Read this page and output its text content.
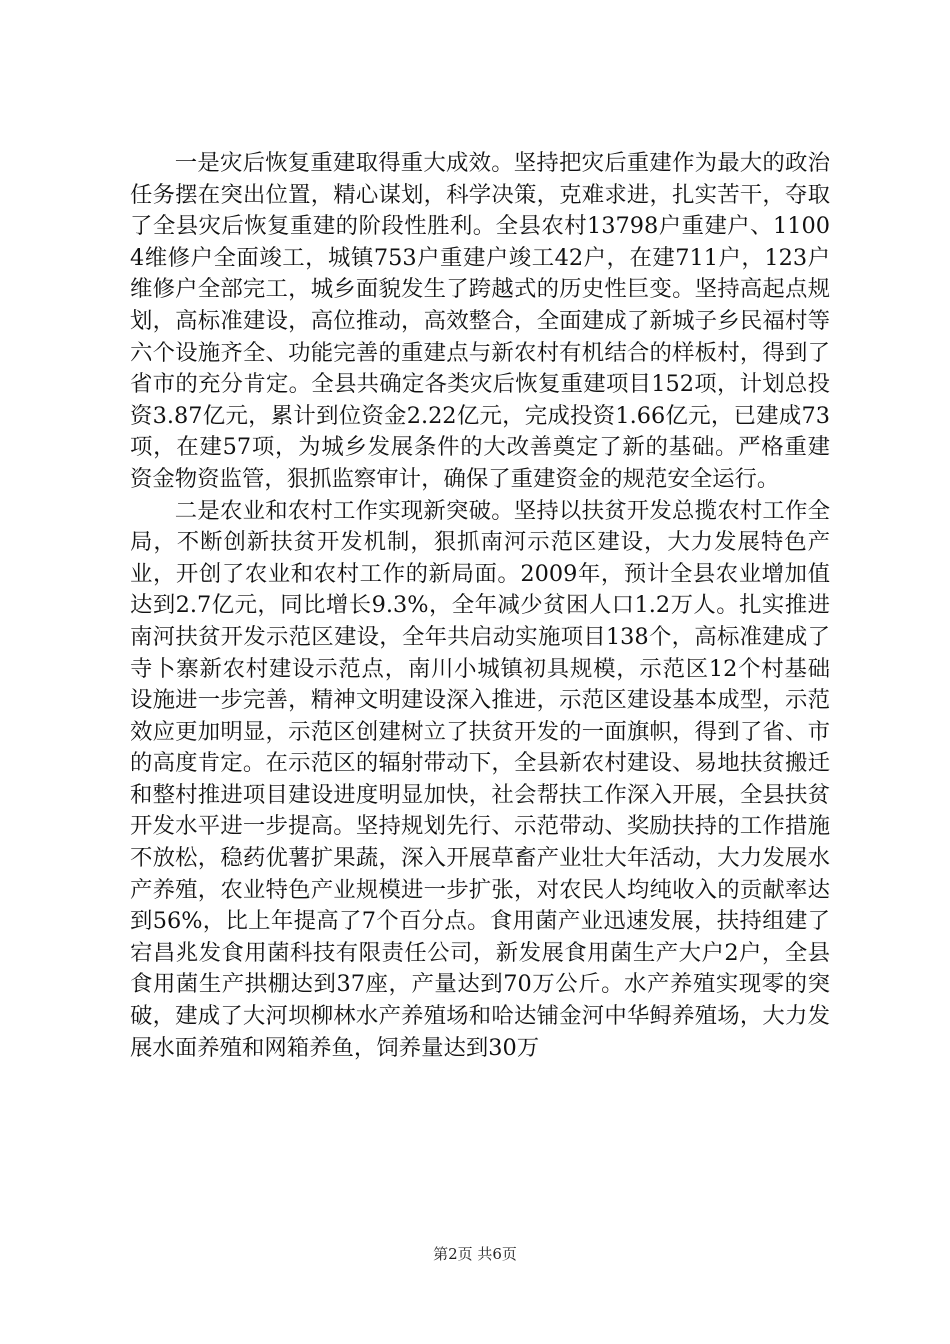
一是灾后恢复重建取得重大成效。坚持把灾后重建作为最大的政治任务摆在突出位置，精心谋划，科学决策，克难求进，扎实苦干，夺取了全县灾后恢复重建的阶段性胜利。全县农村13798户重建户、11004维修户全面竣工，城镇753户重建户竣工42户，在建711户，123户维修户全部完工，城乡面貌发生了跨越式的历史性巨变。坚持高起点规划，高标准建设，高位推动，高效整合，全面建成了新城子乡民福村等六个设施齐全、功能完善的重建点与新农村有机结合的样板村，得到了省市的充分肯定。全县共确定各类灾后恢复重建项目152项，计划总投资3.87亿元，累计到位资金2.22亿元，完成投资1.66亿元，已建成73项，在建57项，为城乡发展条件的大改善奠定了新的基础。严格重建资金物资监管，狠抓监察审计，确保了重建资金的规范安全运行。

二是农业和农村工作实现新突破。坚持以扶贫开发总揽农村工作全局，不断创新扶贫开发机制，狠抓南河示范区建设，大力发展特色产业，开创了农业和农村工作的新局面。2009年，预计全县农业增加值达到2.7亿元，同比增长9.3%，全年减少贫困人口1.2万人。扎实推进南河扶贫开发示范区建设，全年共启动实施项目138个，高标准建成了寺卜寨新农村建设示范点，南川小城镇初具规模，示范区12个村基础设施进一步完善，精神文明建设深入推进，示范区建设基本成型，示范效应更加明显，示范区创建树立了扶贫开发的一面旗帜，得到了省、市的高度肯定。在示范区的辐射带动下，全县新农村建设、易地扶贫搬迁和整村推进项目建设进度明显加快，社会帮扶工作深入开展，全县扶贫开发水平进一步提高。坚持规划先行、示范带动、奖励扶持的工作措施不放松，稳药优薯扩果蔬，深入开展草畜产业壮大年活动，大力发展水产养殖，农业特色产业规模进一步扩张，对农民人均纯收入的贡献率达到56%，比上年提高了7个百分点。食用菌产业迅速发展，扶持组建了宕昌兆发食用菌科技有限责任公司，新发展食用菌生产大户2户，全县食用菌生产拱棚达到37座，产量达到70万公斤。水产养殖实现零的突破，建成了大河坝柳林水产养殖场和哈达铺金河中华鲟养殖场，大力发展水面养殖和网箱养鱼，饲养量达到30万

第2页 共6页
